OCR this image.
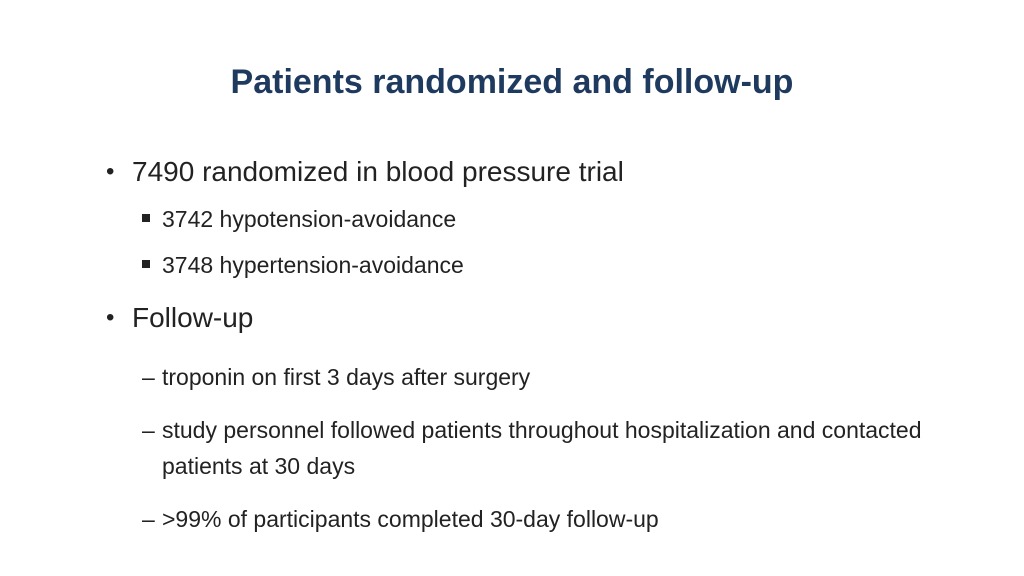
Patients randomized and follow-up
• 7490 randomized in blood pressure trial
3742 hypotension-avoidance
3748 hypertension-avoidance
• Follow-up
– troponin on first 3 days after surgery
– study personnel followed patients throughout hospitalization and contacted patients at 30 days
– >99% of participants completed 30-day follow-up
